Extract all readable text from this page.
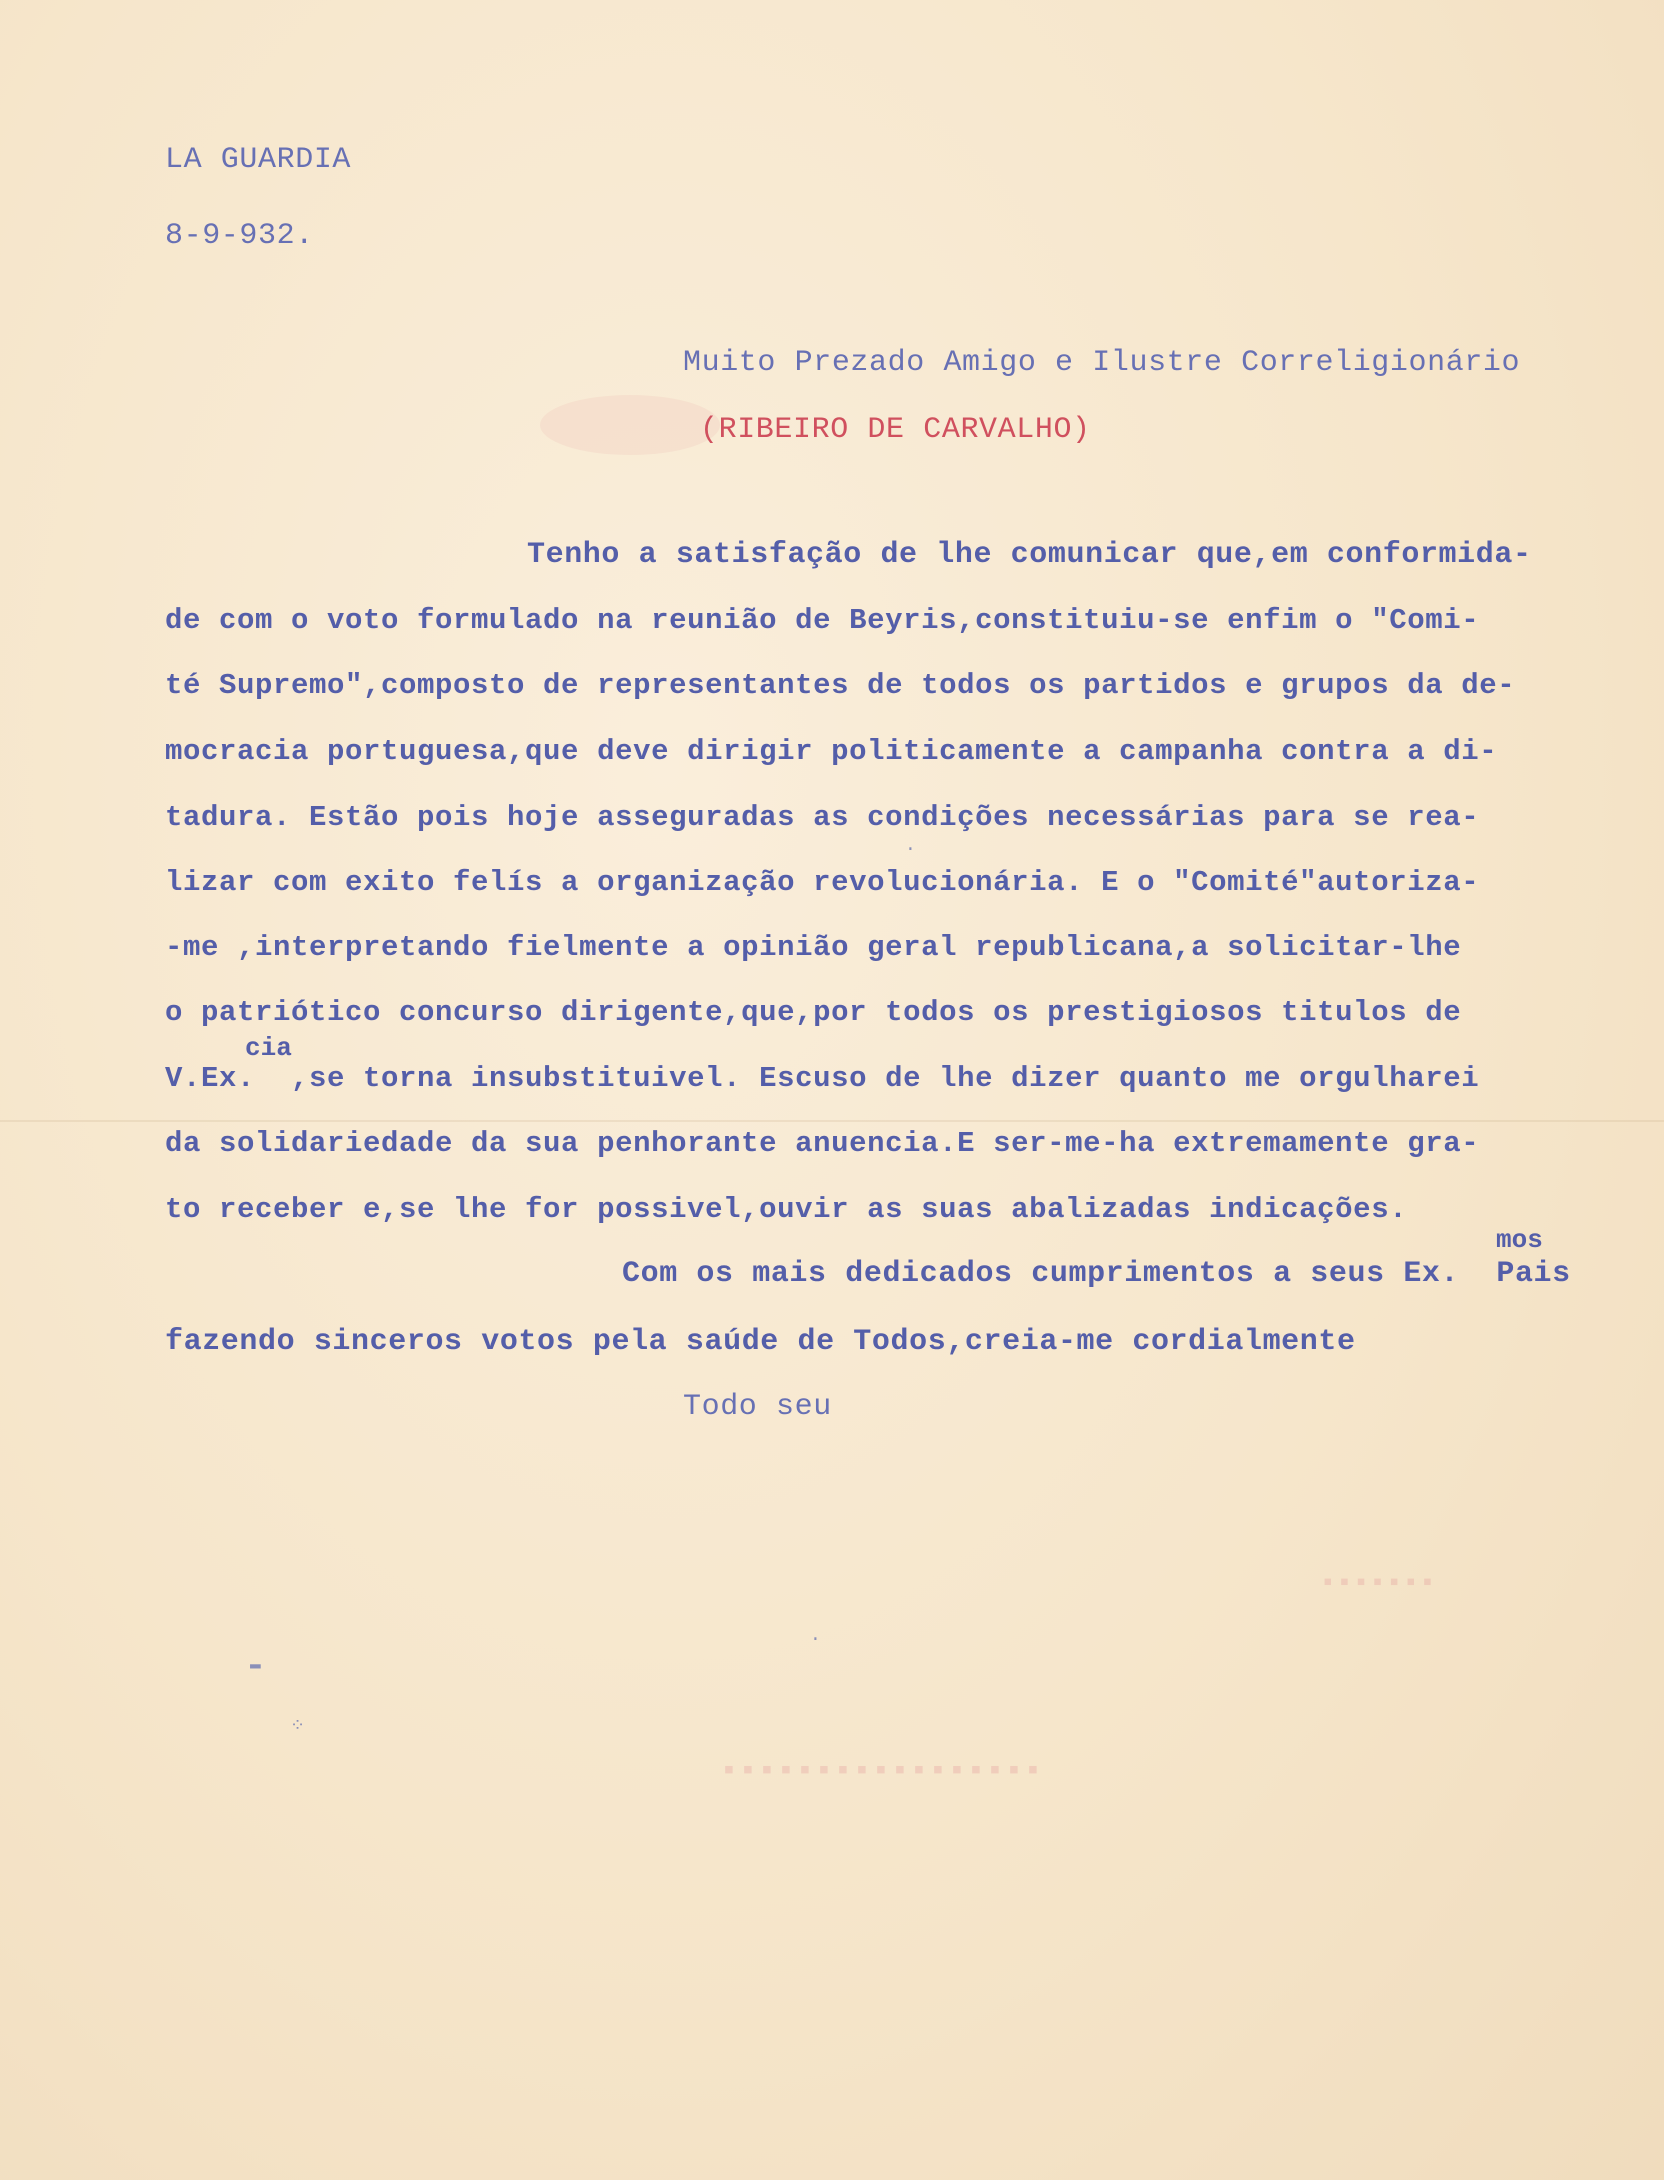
▪▪▪▪▪▪▪
▪▪▪▪▪▪▪▪▪▪▪▪▪▪▪▪▪
LA GUARDIA
8-9-932.
Muito Prezado Amigo e Ilustre Correligionário
(RIBEIRO DE CARVALHO)
Tenho a satisfação de lhe comunicar que,em conformida-
de com o voto formulado na reunião de Beyris,constituiu-se enfim o "Comi-
té Supremo",composto de representantes de todos os partidos e grupos da de-
mocracia portuguesa,que deve dirigir politicamente a campanha contra a di-
tadura. Estão pois hoje asseguradas as condições necessárias para se rea-
lizar com exito felís a organização revolucionária. E o "Comité"autoriza-
-me ,interpretando fielmente a opinião geral republicana,a solicitar-lhe
o patriótico concurso dirigente,que,por todos os prestigiosos titulos de
cia
V.Ex.  ,se torna insubstituivel. Escuso de lhe dizer quanto me orgulharei
da solidariedade da sua penhorante anuencia.E ser-me-ha extremamente gra-
to receber e,se lhe for possivel,ouvir as suas abalizadas indicações.
mos
Com os mais dedicados cumprimentos a seus Ex.  Pais
fazendo sinceros votos pela saúde de Todos,creia-me cordialmente
Todo seu
▬
⁘
·
·
